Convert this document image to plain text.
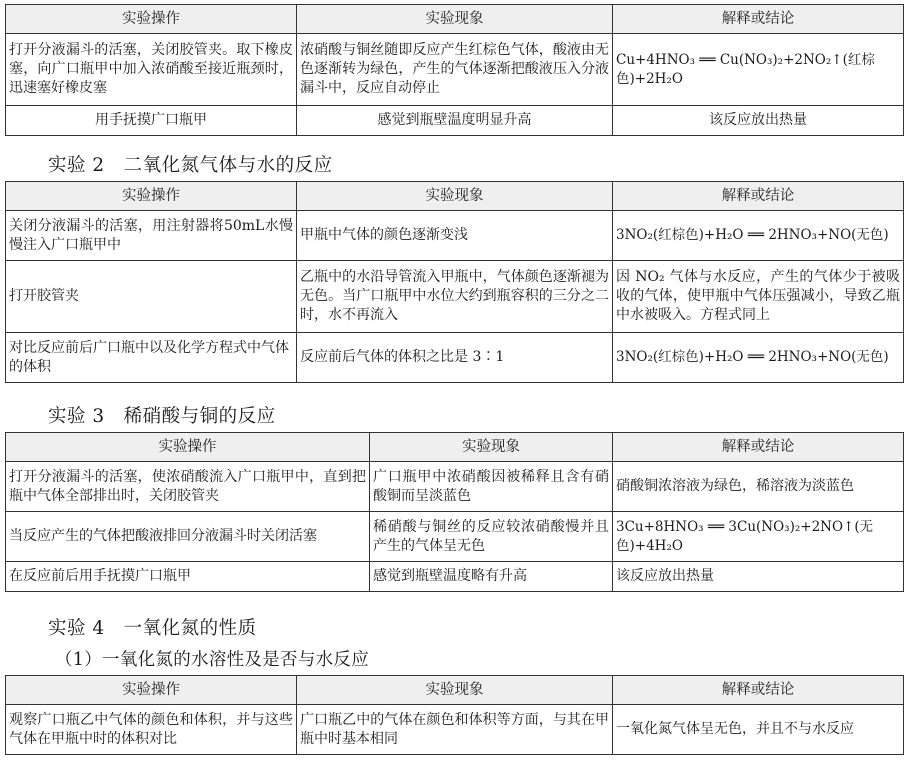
实验操作	实验现象	解释或结论
打开分液漏斗的活塞，关闭胶管夹。取下橡皮塞，向广口瓶甲中加入浓硝酸至接近瓶颈时，迅速塞好橡皮塞	浓硝酸与铜丝随即反应产生红棕色气体，酸液由无色逐渐转为绿色，产生的气体逐渐把酸液压入分液漏斗中，反应自动停止	Cu+4HNO₃ ══ Cu(NO₃)₂+2NO₂↑(红棕色)+2H₂O
用手抚摸广口瓶甲	感觉到瓶壁温度明显升高	该反应放出热量
实验 2　二氧化氮气体与水的反应
实验操作	实验现象	解释或结论
关闭分液漏斗的活塞，用注射器将50mL水慢慢注入广口瓶甲中	甲瓶中气体的颜色逐渐变浅	3NO₂(红棕色)+H₂O ══ 2HNO₃+NO(无色)
打开胶管夹	乙瓶中的水沿导管流入甲瓶中，气体颜色逐渐褪为无色。当广口瓶甲中水位大约到瓶容积的三分之二时，水不再流入	因 NO₂ 气体与水反应，产生的气体少于被吸收的气体，使甲瓶中气体压强减小，导致乙瓶中水被吸入。方程式同上
对比反应前后广口瓶中以及化学方程式中气体的体积	反应前后气体的体积之比是 3∶1	3NO₂(红棕色)+H₂O ══ 2HNO₃+NO(无色)
实验 3　稀硝酸与铜的反应
实验操作	实验现象	解释或结论
打开分液漏斗的活塞，使浓硝酸流入广口瓶甲中，直到把瓶中气体全部排出时，关闭胶管夹	广口瓶甲中浓硝酸因被稀释且含有硝酸铜而呈淡蓝色	硝酸铜浓溶液为绿色，稀溶液为淡蓝色
当反应产生的气体把酸液排回分液漏斗时关闭活塞	稀硝酸与铜丝的反应较浓硝酸慢并且产生的气体呈无色	3Cu+8HNO₃ ══ 3Cu(NO₃)₂+2NO↑(无色)+4H₂O
在反应前后用手抚摸广口瓶甲	感觉到瓶壁温度略有升高	该反应放出热量
实验 4　一氧化氮的性质
（1）一氧化氮的水溶性及是否与水反应
实验操作	实验现象	解释或结论
观察广口瓶乙中气体的颜色和体积，并与这些气体在甲瓶中时的体积对比	广口瓶乙中的气体在颜色和体积等方面，与其在甲瓶中时基本相同	一氧化氮气体呈无色，并且不与水反应
